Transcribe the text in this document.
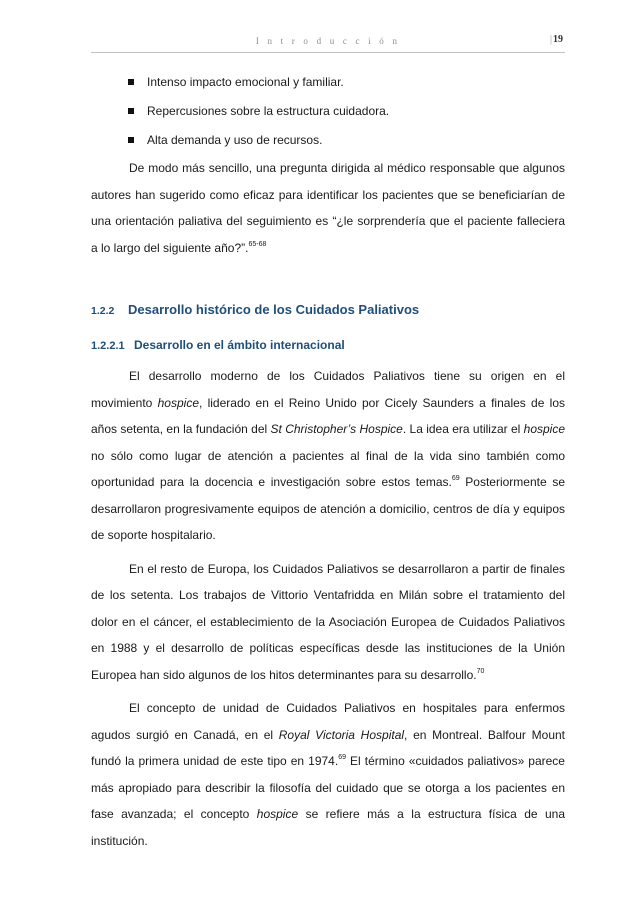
I n t r o d u c c i ó n	|19
Intenso impacto emocional y familiar.
Repercusiones sobre la estructura cuidadora.
Alta demanda y uso de recursos.

De modo más sencillo, una pregunta dirigida al médico responsable que algunos autores han sugerido como eficaz para identificar los pacientes que se beneficiarían de una orientación paliativa del seguimiento es “¿le sorprendería que el paciente falleciera a lo largo del siguiente año?”.$^{65-68}$

1.2.2 Desarrollo histórico de los Cuidados Paliativos
1.2.2.1 Desarrollo en el ámbito internacional

El desarrollo moderno de los Cuidados Paliativos tiene su origen en el movimiento hospice, liderado en el Reino Unido por Cicely Saunders a finales de los años setenta, en la fundación del St Christopher’s Hospice. La idea era utilizar el hospice no sólo como lugar de atención a pacientes al final de la vida sino también como oportunidad para la docencia e investigación sobre estos temas.$^{69}$ Posteriormente se desarrollaron progresivamente equipos de atención a domicilio, centros de día y equipos de soporte hospitalario.

En el resto de Europa, los Cuidados Paliativos se desarrollaron a partir de finales de los setenta. Los trabajos de Vittorio Ventafridda en Milán sobre el tratamiento del dolor en el cáncer, el establecimiento de la Asociación Europea de Cuidados Paliativos en 1988 y el desarrollo de políticas específicas desde las instituciones de la Unión Europea han sido algunos de los hitos determinantes para su desarrollo.$^{70}$

El concepto de unidad de Cuidados Paliativos en hospitales para enfermos agudos surgió en Canadá, en el Royal Victoria Hospital, en Montreal. Balfour Mount fundó la primera unidad de este tipo en 1974.69 El término «cuidados paliativos» parece más apropiado para describir la filosofía del cuidado que se otorga a los pacientes en fase avanzada; el concepto hospice se refiere más a la estructura física de una institución.
